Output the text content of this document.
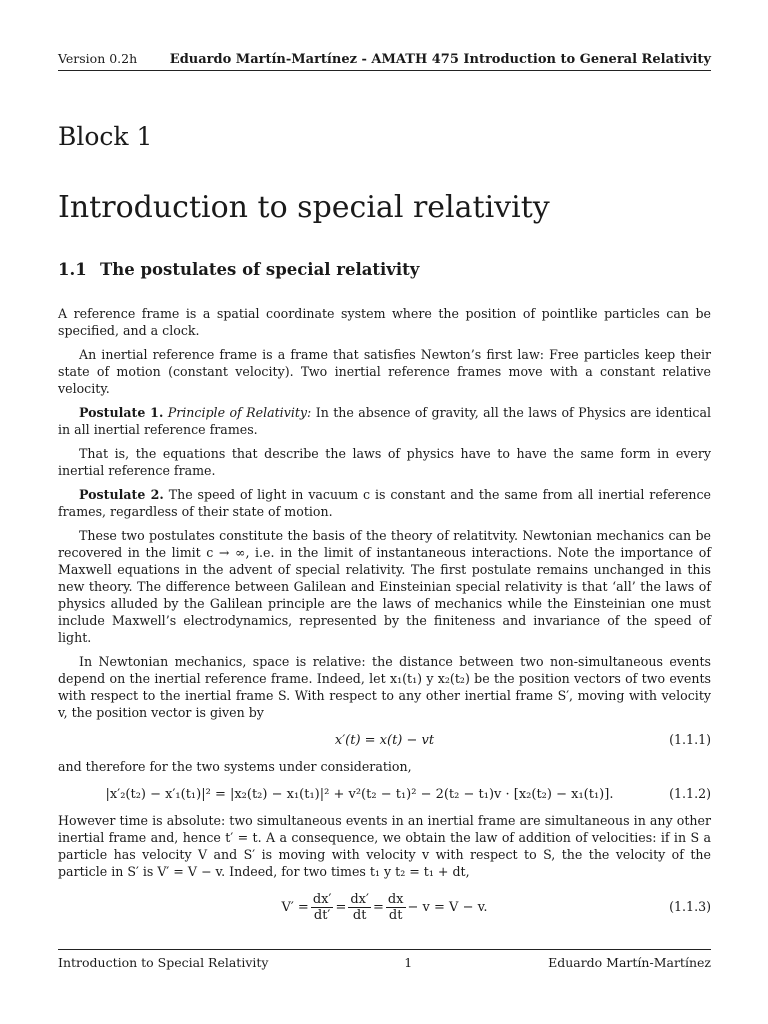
Version 0.2h	Eduardo Martín-Martínez - AMATH 475 Introduction to General Relativity
Block 1
Introduction to special relativity
1.1 The postulates of special relativity

A reference frame is a spatial coordinate system where the position of pointlike particles can be specified, and a clock.

An inertial reference frame is a frame that satisfies Newton’s first law: Free particles keep their state of motion (constant velocity). Two inertial reference frames move with a constant relative velocity.

Postulate 1. Principle of Relativity: In the absence of gravity, all the laws of Physics are identical in all inertial reference frames.

That is, the equations that describe the laws of physics have to have the same form in every inertial reference frame.

Postulate 2. The speed of light in vacuum c is constant and the same from all inertial reference frames, regardless of their state of motion.

These two postulates constitute the basis of the theory of relatitvity. Newtonian mechanics can be recovered in the limit c → ∞, i.e. in the limit of instantaneous interactions. Note the importance of Maxwell equations in the advent of special relativity. The first postulate remains unchanged in this new theory. The difference between Galilean and Einsteinian special relativity is that ‘all’ the laws of physics alluded by the Galilean principle are the laws of mechanics while the Einsteinian one must include Maxwell’s electrodynamics, represented by the finiteness and invariance of the speed of light.

In Newtonian mechanics, space is relative: the distance between two non-simultaneous events depend on the inertial reference frame. Indeed, let x₁(t₁) y x₂(t₂) be the position vectors of two events with respect to the inertial frame S. With respect to any other inertial frame S′, moving with velocity v, the position vector is given by

x′(t) = x(t) − vt	(1.1.1)

and therefore for the two systems under consideration,

|x′₂(t₂) − x′₁(t₁)|² = |x₂(t₂) − x₁(t₁)|² + v²(t₂ − t₁)² − 2(t₂ − t₁)v · [x₂(t₂) − x₁(t₁)].	(1.1.2)

However time is absolute: two simultaneous events in an inertial frame are simultaneous in any other inertial frame and, hence t′ = t. A a consequence, we obtain the law of addition of velocities: if in S a particle has velocity V and S′ is moving with velocity v with respect to S, the the velocity of the particle in S′ is V′ = V − v. Indeed, for two times t₁ y t₂ = t₁ + dt,

$V' = \frac{dx'}{dt'} = \frac{dx'}{dt} = \frac{dx}{dt} - v = V - v$.	(1.1.3)
Introduction to Special Relativity	1	Eduardo Martín-Martínez
